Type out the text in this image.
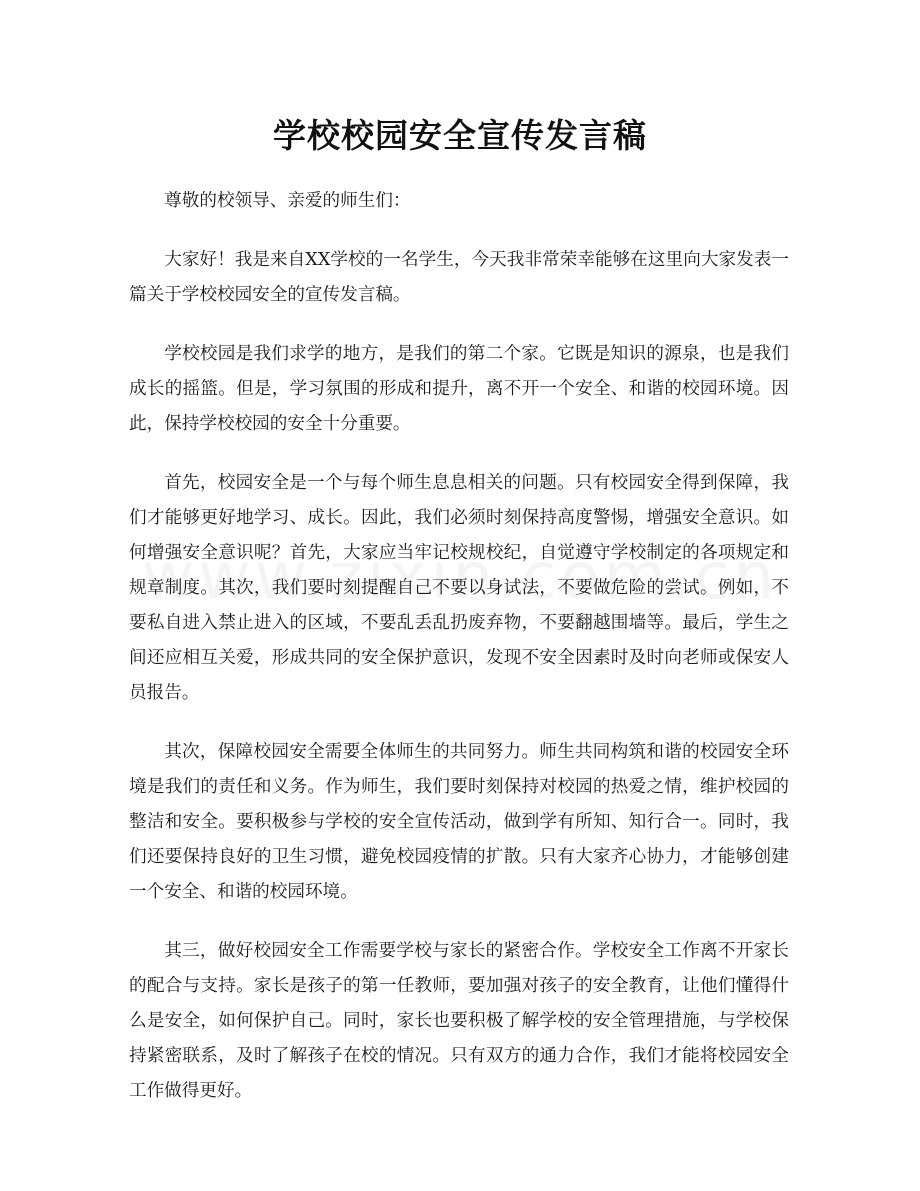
学校校园安全宣传发言稿

尊敬的校领导、亲爱的师生们：

大家好！我是来自XX学校的一名学生，今天我非常荣幸能够在这里向大家发表一篇关于学校校园安全的宣传发言稿。

学校校园是我们求学的地方，是我们的第二个家。它既是知识的源泉，也是我们成长的摇篮。但是，学习氛围的形成和提升，离不开一个安全、和谐的校园环境。因此，保持学校校园的安全十分重要。

首先，校园安全是一个与每个师生息息相关的问题。只有校园安全得到保障，我们才能够更好地学习、成长。因此，我们必须时刻保持高度警惕，增强安全意识。如何增强安全意识呢？首先，大家应当牢记校规校纪，自觉遵守学校制定的各项规定和规章制度。其次，我们要时刻提醒自己不要以身试法，不要做危险的尝试。例如，不要私自进入禁止进入的区域，不要乱丢乱扔废弃物，不要翻越围墙等。最后，学生之间还应相互关爱，形成共同的安全保护意识，发现不安全因素时及时向老师或保安人员报告。

其次，保障校园安全需要全体师生的共同努力。师生共同构筑和谐的校园安全环境是我们的责任和义务。作为师生，我们要时刻保持对校园的热爱之情，维护校园的整洁和安全。要积极参与学校的安全宣传活动，做到学有所知、知行合一。同时，我们还要保持良好的卫生习惯，避免校园疫情的扩散。只有大家齐心协力，才能够创建一个安全、和谐的校园环境。

其三，做好校园安全工作需要学校与家长的紧密合作。学校安全工作离不开家长的配合与支持。家长是孩子的第一任教师，要加强对孩子的安全教育，让他们懂得什么是安全，如何保护自己。同时，家长也要积极了解学校的安全管理措施，与学校保持紧密联系，及时了解孩子在校的情况。只有双方的通力合作，我们才能将校园安全工作做得更好。
